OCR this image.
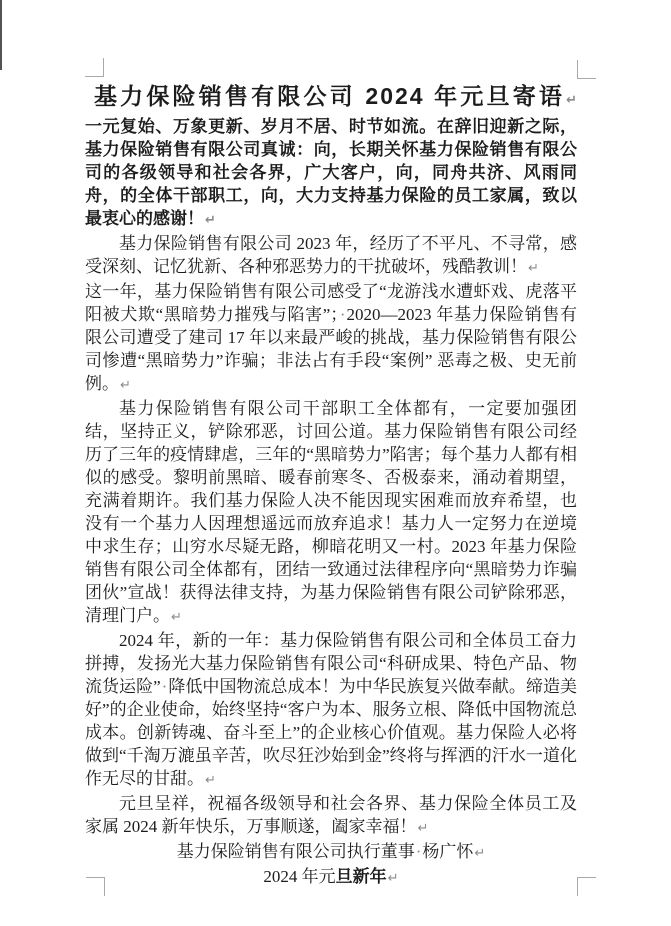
基力保险销售有限公司 2024 年元旦寄语↵

一元复始、万象更新、岁月不居、时节如流。在辞旧迎新之际，基力保险销售有限公司真诚：向，长期关怀基力保险销售有限公司的各级领导和社会各界，广大客户，向，同舟共济、风雨同舟，的全体干部职工，向，大力支持基力保险的员工家属，致以最衷心的感谢！↵

基力保险销售有限公司 2023 年，经历了不平凡、不寻常，感受深刻、记忆犹新、各种邪恶势力的干扰破坏，残酷教训！↵

这一年，基力保险销售有限公司感受了“龙游浅水遭虾戏、虎落平阳被犬欺“黑暗势力摧残与陷害”；·2020—2023 年基力保险销售有限公司遭受了建司 17 年以来最严峻的挑战，基力保险销售有限公司惨遭“黑暗势力”诈骗；非法占有手段“案例” 恶毒之极、史无前例。↵

基力保险销售有限公司干部职工全体都有，一定要加强团结，坚持正义，铲除邪恶，讨回公道。基力保险销售有限公司经历了三年的疫情肆虐，三年的“黑暗势力”陷害；每个基力人都有相似的感受。黎明前黑暗、暖春前寒冬、否极泰来，涌动着期望，充满着期许。我们基力保险人决不能因现实困难而放弃希望，也没有一个基力人因理想遥远而放弃追求！基力人一定努力在逆境中求生存；山穷水尽疑无路，柳暗花明又一村。2023 年基力保险销售有限公司全体都有，团结一致通过法律程序向“黑暗势力诈骗团伙”宣战！获得法律支持，为基力保险销售有限公司铲除邪恶，清理门户。↵

2024 年，新的一年：基力保险销售有限公司和全体员工奋力拼搏，发扬光大基力保险销售有限公司“科研成果、特色产品、物流货运险”·降低中国物流总成本！为中华民族复兴做奉献。缔造美好”的企业使命，始终坚持“客户为本、服务立根、降低中国物流总成本。创新铸魂、奋斗至上”的企业核心价值观。基力保险人必将做到“千淘万漉虽辛苦，吹尽狂沙始到金”终将与挥洒的汗水一道化作无尽的甘甜。↵

元旦呈祥，祝福各级领导和社会各界、基力保险全体员工及家属 2024 新年快乐，万事顺遂，阖家幸福！↵

基力保险销售有限公司执行董事·杨广怀↵

2024 年元旦新年↵
